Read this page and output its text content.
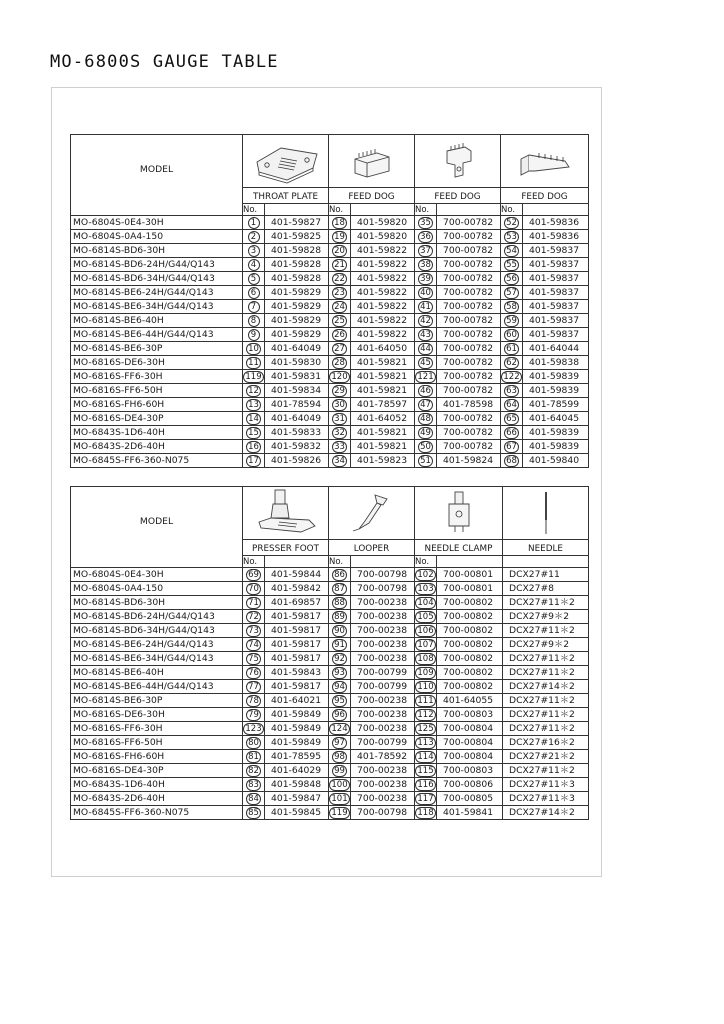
MO-6800S GAUGE TABLE
MODEL	

	THROAT PLATE		FEED DOG		FEED DOG		FEED DOG	
	No.		No.		No.		No.	
MO-6804S-0E4-30H	1	401-59827	18	401-59820	35	700-00782	52	401-59836
MO-6804S-0A4-150	2	401-59825	19	401-59820	36	700-00782	53	401-59836
MO-6814S-BD6-30H	3	401-59828	20	401-59822	37	700-00782	54	401-59837
MO-6814S-BD6-24H/G44/Q143	4	401-59828	21	401-59822	38	700-00782	55	401-59837
MO-6814S-BD6-34H/G44/Q143	5	401-59828	22	401-59822	39	700-00782	56	401-59837
MO-6814S-BE6-24H/G44/Q143	6	401-59829	23	401-59822	40	700-00782	57	401-59837
MO-6814S-BE6-34H/G44/Q143	7	401-59829	24	401-59822	41	700-00782	58	401-59837
MO-6814S-BE6-40H	8	401-59829	25	401-59822	42	700-00782	59	401-59837
MO-6814S-BE6-44H/G44/Q143	9	401-59829	26	401-59822	43	700-00782	60	401-59837
MO-6814S-BE6-30P	10	401-64049	27	401-64050	44	700-00782	61	401-64044
MO-6816S-DE6-30H	11	401-59830	28	401-59821	45	700-00782	62	401-59838
MO-6816S-FF6-30H	119	401-59831	120	401-59821	121	700-00782	122	401-59839
MO-6816S-FF6-50H	12	401-59834	29	401-59821	46	700-00782	63	401-59839
MO-6816S-FH6-60H	13	401-78594	30	401-78597	47	401-78598	64	401-78599
MO-6816S-DE4-30P	14	401-64049	31	401-64052	48	700-00782	65	401-64045
MO-6843S-1D6-40H	15	401-59833	32	401-59821	49	700-00782	66	401-59839
MO-6843S-2D6-40H	16	401-59832	33	401-59821	50	700-00782	67	401-59839
MO-6845S-FF6-360-N075	17	401-59826	34	401-59823	51	401-59824	68	401-59840
MODEL	

	PRESSER FOOT		LOOPER		NEEDLE CLAMP		NEEDLE
	No.		No.		No.		
MO-6804S-0E4-30H	69	401-59844	86	700-00798	102	700-00801	DCX27#11
MO-6804S-0A4-150	70	401-59842	87	700-00798	103	700-00801	DCX27#8
MO-6814S-BD6-30H	71	401-69857	88	700-00238	104	700-00802	DCX27#11＊2
MO-6814S-BD6-24H/G44/Q143	72	401-59817	89	700-00238	105	700-00802	DCX27#9＊2
MO-6814S-BD6-34H/G44/Q143	73	401-59817	90	700-00238	106	700-00802	DCX27#11＊2
MO-6814S-BE6-24H/G44/Q143	74	401-59817	91	700-00238	107	700-00802	DCX27#9＊2
MO-6814S-BE6-34H/G44/Q143	75	401-59817	92	700-00238	108	700-00802	DCX27#11＊2
MO-6814S-BE6-40H	76	401-59843	93	700-00799	109	700-00802	DCX27#11＊2
MO-6814S-BE6-44H/G44/Q143	77	401-59817	94	700-00799	110	700-00802	DCX27#14＊2
MO-6814S-BE6-30P	78	401-64021	95	700-00238	111	401-64055	DCX27#11＊2
MO-6816S-DE6-30H	79	401-59849	96	700-00238	112	700-00803	DCX27#11＊2
MO-6816S-FF6-30H	123	401-59849	124	700-00238	125	700-00804	DCX27#11＊2
MO-6816S-FF6-50H	80	401-59849	97	700-00799	113	700-00804	DCX27#16＊2
MO-6816S-FH6-60H	81	401-78595	98	401-78592	114	700-00804	DCX27#21＊2
MO-6816S-DE4-30P	82	401-64029	99	700-00238	115	700-00803	DCX27#11＊2
MO-6843S-1D6-40H	83	401-59848	100	700-00238	116	700-00806	DCX27#11＊3
MO-6843S-2D6-40H	84	401-59847	101	700-00238	117	700-00805	DCX27#11＊3
MO-6845S-FF6-360-N075	85	401-59845	119	700-00798	118	401-59841	DCX27#14＊2
